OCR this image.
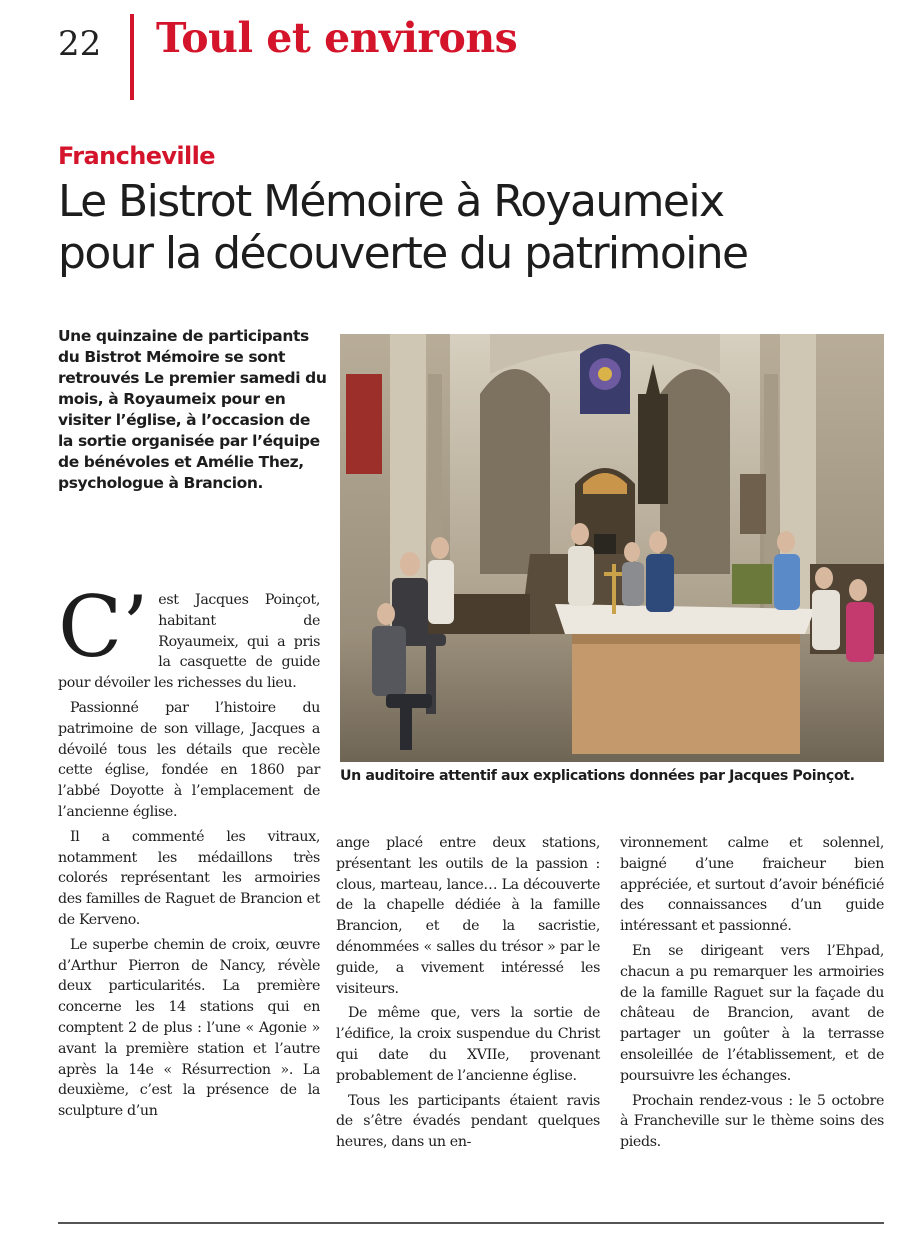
22 Toul et environs
Francheville
Le Bistrot Mémoire à Royaumeix
pour la découverte du patrimoine

Une quinzaine de participants du Bistrot Mémoire se sont retrouvés Le premier samedi du mois, à Royaumeix pour en visiter l’église, à l’occasion de la sortie organisée par l’équipe de bénévoles et Amélie Thez, psychologue à Brancion.

C’ est Jacques Poinçot, habitant de Royaumeix, qui a pris la casquette de guide pour dévoiler les richesses du lieu.

Passionné par l’histoire du patrimoine de son village, Jacques a dévoilé tous les détails que recèle cette église, fondée en 1860 par l’abbé Doyotte à l’emplacement de l’ancienne église.

Il a commenté les vitraux, notamment les médaillons très colorés représentant les armoiries des familles de Raguet de Brancion et de Kerveno.

Le superbe chemin de croix, œuvre d’Arthur Pierron de Nancy, révèle deux particularités. La première concerne les 14 stations qui en comptent 2 de plus : l’une « Agonie » avant la première station et l’autre après la 14e « Résurrection ». La deuxième, c’est la présence de la sculpture d’un

Un auditoire attentif aux explications données par Jacques Poinçot.

ange placé entre deux stations, présentant les outils de la passion : clous, marteau, lance… La découverte de la chapelle dédiée à la famille Brancion, et de la sacristie, dénommées « salles du trésor » par le guide, a vivement intéressé les visiteurs.

De même que, vers la sortie de l’édifice, la croix suspendue du Christ qui date du XVIIe, provenant probablement de l’ancienne église.

Tous les participants étaient ravis de s’être évadés pendant quelques heures, dans un en-

vironnement calme et solennel, baigné d’une fraicheur bien appréciée, et surtout d’avoir bénéficié des connaissances d’un guide intéressant et passionné.

En se dirigeant vers l’Ehpad, chacun a pu remarquer les armoiries de la famille Raguet sur la façade du château de Brancion, avant de partager un goûter à la terrasse ensoleillée de l’établissement, et de poursuivre les échanges.

Prochain rendez-vous : le 5 octobre à Francheville sur le thème soins des pieds.
